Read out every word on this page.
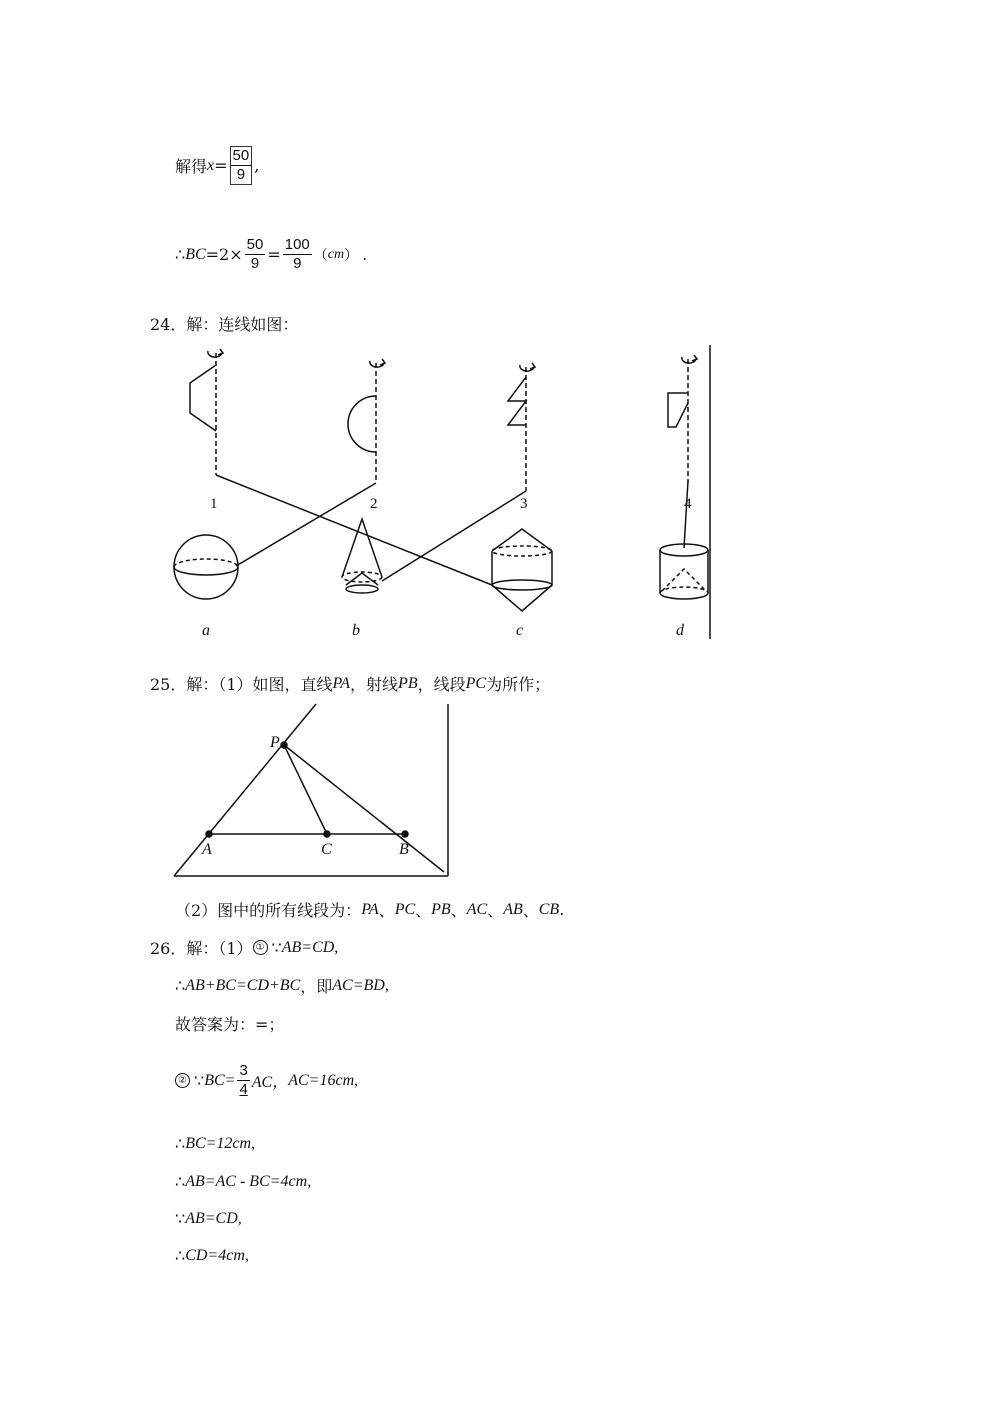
解得 $x = \frac{50}{9}$ ,
∴ BC $=2\times \frac{50}{9} = \frac{100}{9}$ （ cm ） .
24．解：连线如图：
1	2	3	4
a	b	c	d
25．解：（1）如图，直线 PA ，射线 PB ，线段 PC 为所作；
P
A	C	B
（2）图中的所有线段为： PA 、 PC 、 PB 、 AC 、 AB 、 CB .
26．解：（1） ① ∵ AB=CD,
∴ AB+BC=CD+BC ，即 AC=BD,
故答案为：=；
② ∵ $BC= \frac{3}{4}$ AC， AC=16cm,
∴ BC=12cm,
∴ AB=AC - BC=4cm,
∵ AB=CD,
∴ CD=4cm,
